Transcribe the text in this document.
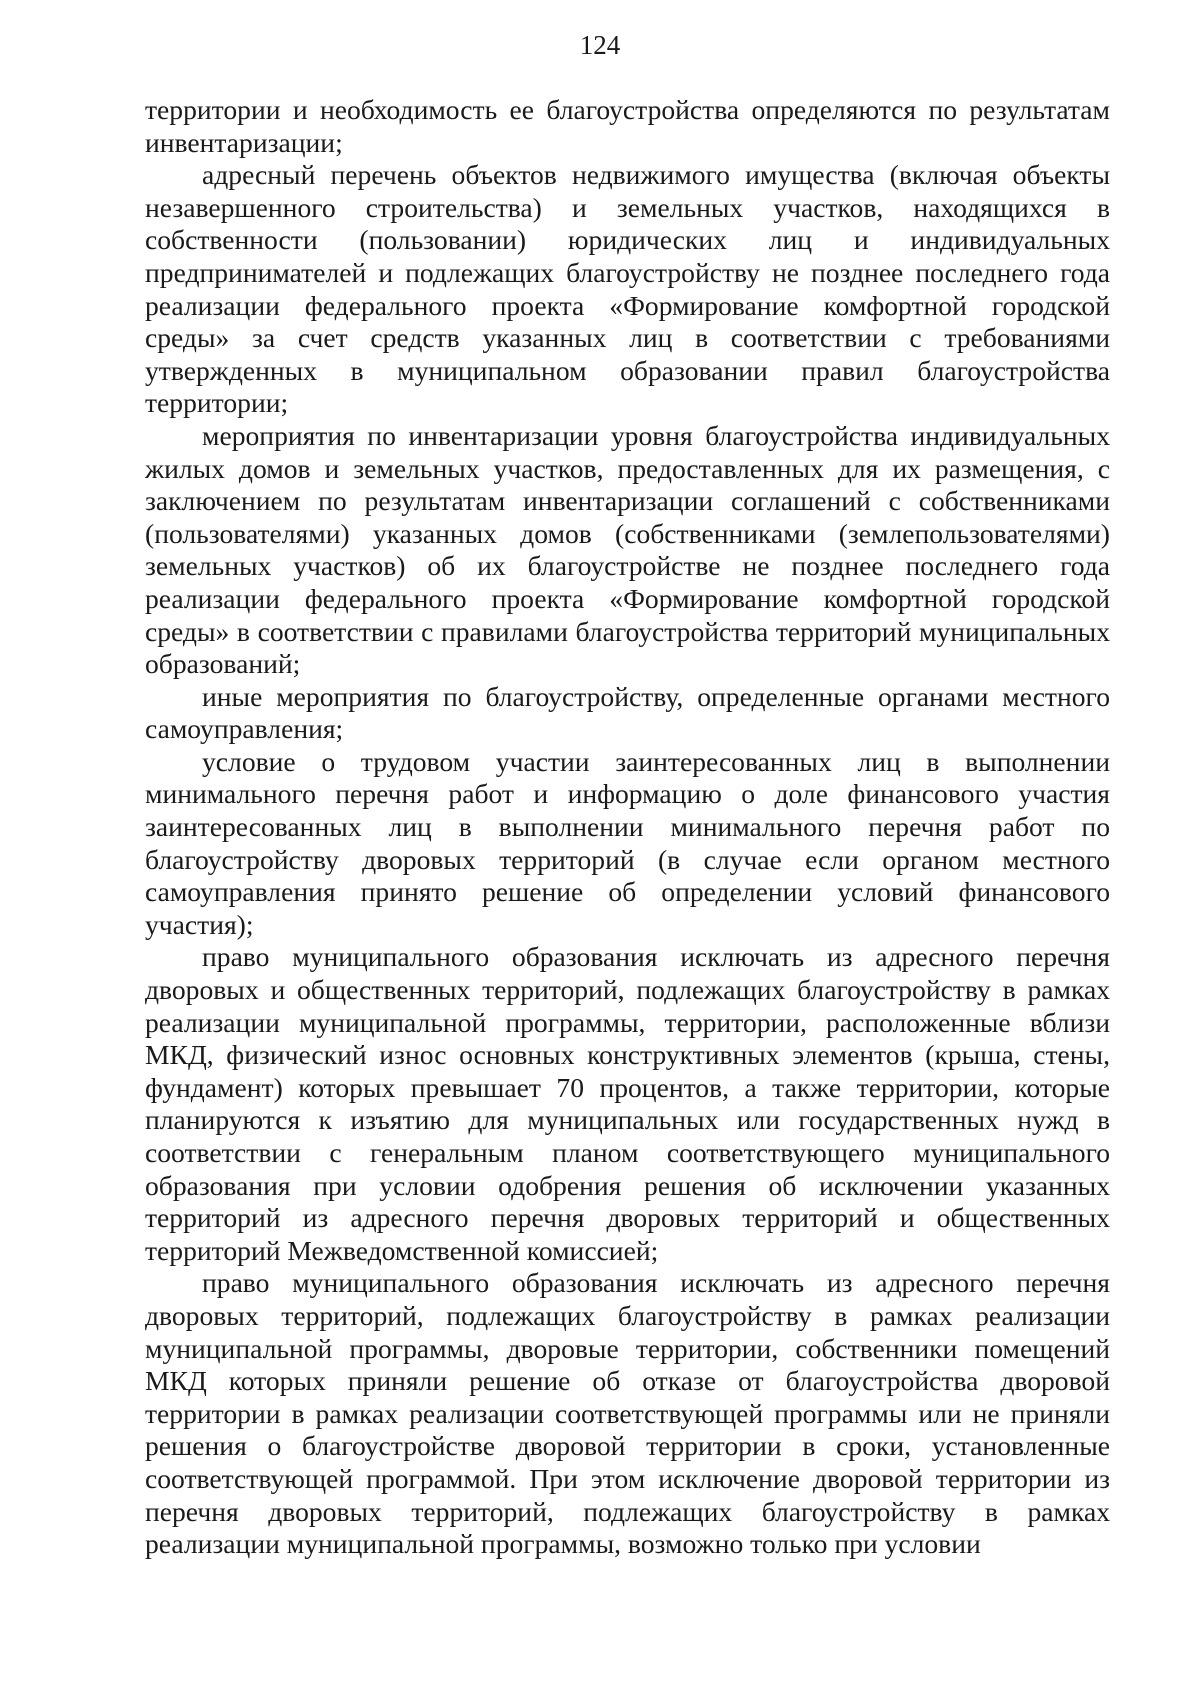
124

территории и необходимость ее благоустройства определяются по результатам инвентаризации;

адресный перечень объектов недвижимого имущества (включая объекты незавершенного строительства) и земельных участков, находящихся в собственности (пользовании) юридических лиц и индивидуальных предпринимателей и подлежащих благоустройству не позднее последнего года реализации федерального проекта «Формирование комфортной городской среды» за счет средств указанных лиц в соответствии с требованиями утвержденных в муниципальном образовании правил благоустройства территории;

мероприятия по инвентаризации уровня благоустройства индивидуальных жилых домов и земельных участков, предоставленных для их размещения, с заключением по результатам инвентаризации соглашений с собственниками (пользователями) указанных домов (собственниками (землепользователями) земельных участков) об их благоустройстве не позднее последнего года реализации федерального проекта «Формирование комфортной городской среды» в соответствии с правилами благоустройства территорий муниципальных образований;

иные мероприятия по благоустройству, определенные органами местного самоуправления;

условие о трудовом участии заинтересованных лиц в выполнении минимального перечня работ и информацию о доле финансового участия заинтересованных лиц в выполнении минимального перечня работ по благоустройству дворовых территорий (в случае если органом местного самоуправления принято решение об определении условий финансового участия);

право муниципального образования исключать из адресного перечня дворовых и общественных территорий, подлежащих благоустройству в рамках реализации муниципальной программы, территории, расположенные вблизи МКД, физический износ основных конструктивных элементов (крыша, стены, фундамент) которых превышает 70 процентов, а также территории, которые планируются к изъятию для муниципальных или государственных нужд в соответствии с генеральным планом соответствующего муниципального образования при условии одобрения решения об исключении указанных территорий из адресного перечня дворовых территорий и общественных территорий Межведомственной комиссией;

право муниципального образования исключать из адресного перечня дворовых территорий, подлежащих благоустройству в рамках реализации муниципальной программы, дворовые территории, собственники помещений МКД которых приняли решение об отказе от благоустройства дворовой территории в рамках реализации соответствующей программы или не приняли решения о благоустройстве дворовой территории в сроки, установленные соответствующей программой. При этом исключение дворовой территории из перечня дворовых территорий, подлежащих благоустройству в рамках реализации муниципальной программы, возможно только при условии
